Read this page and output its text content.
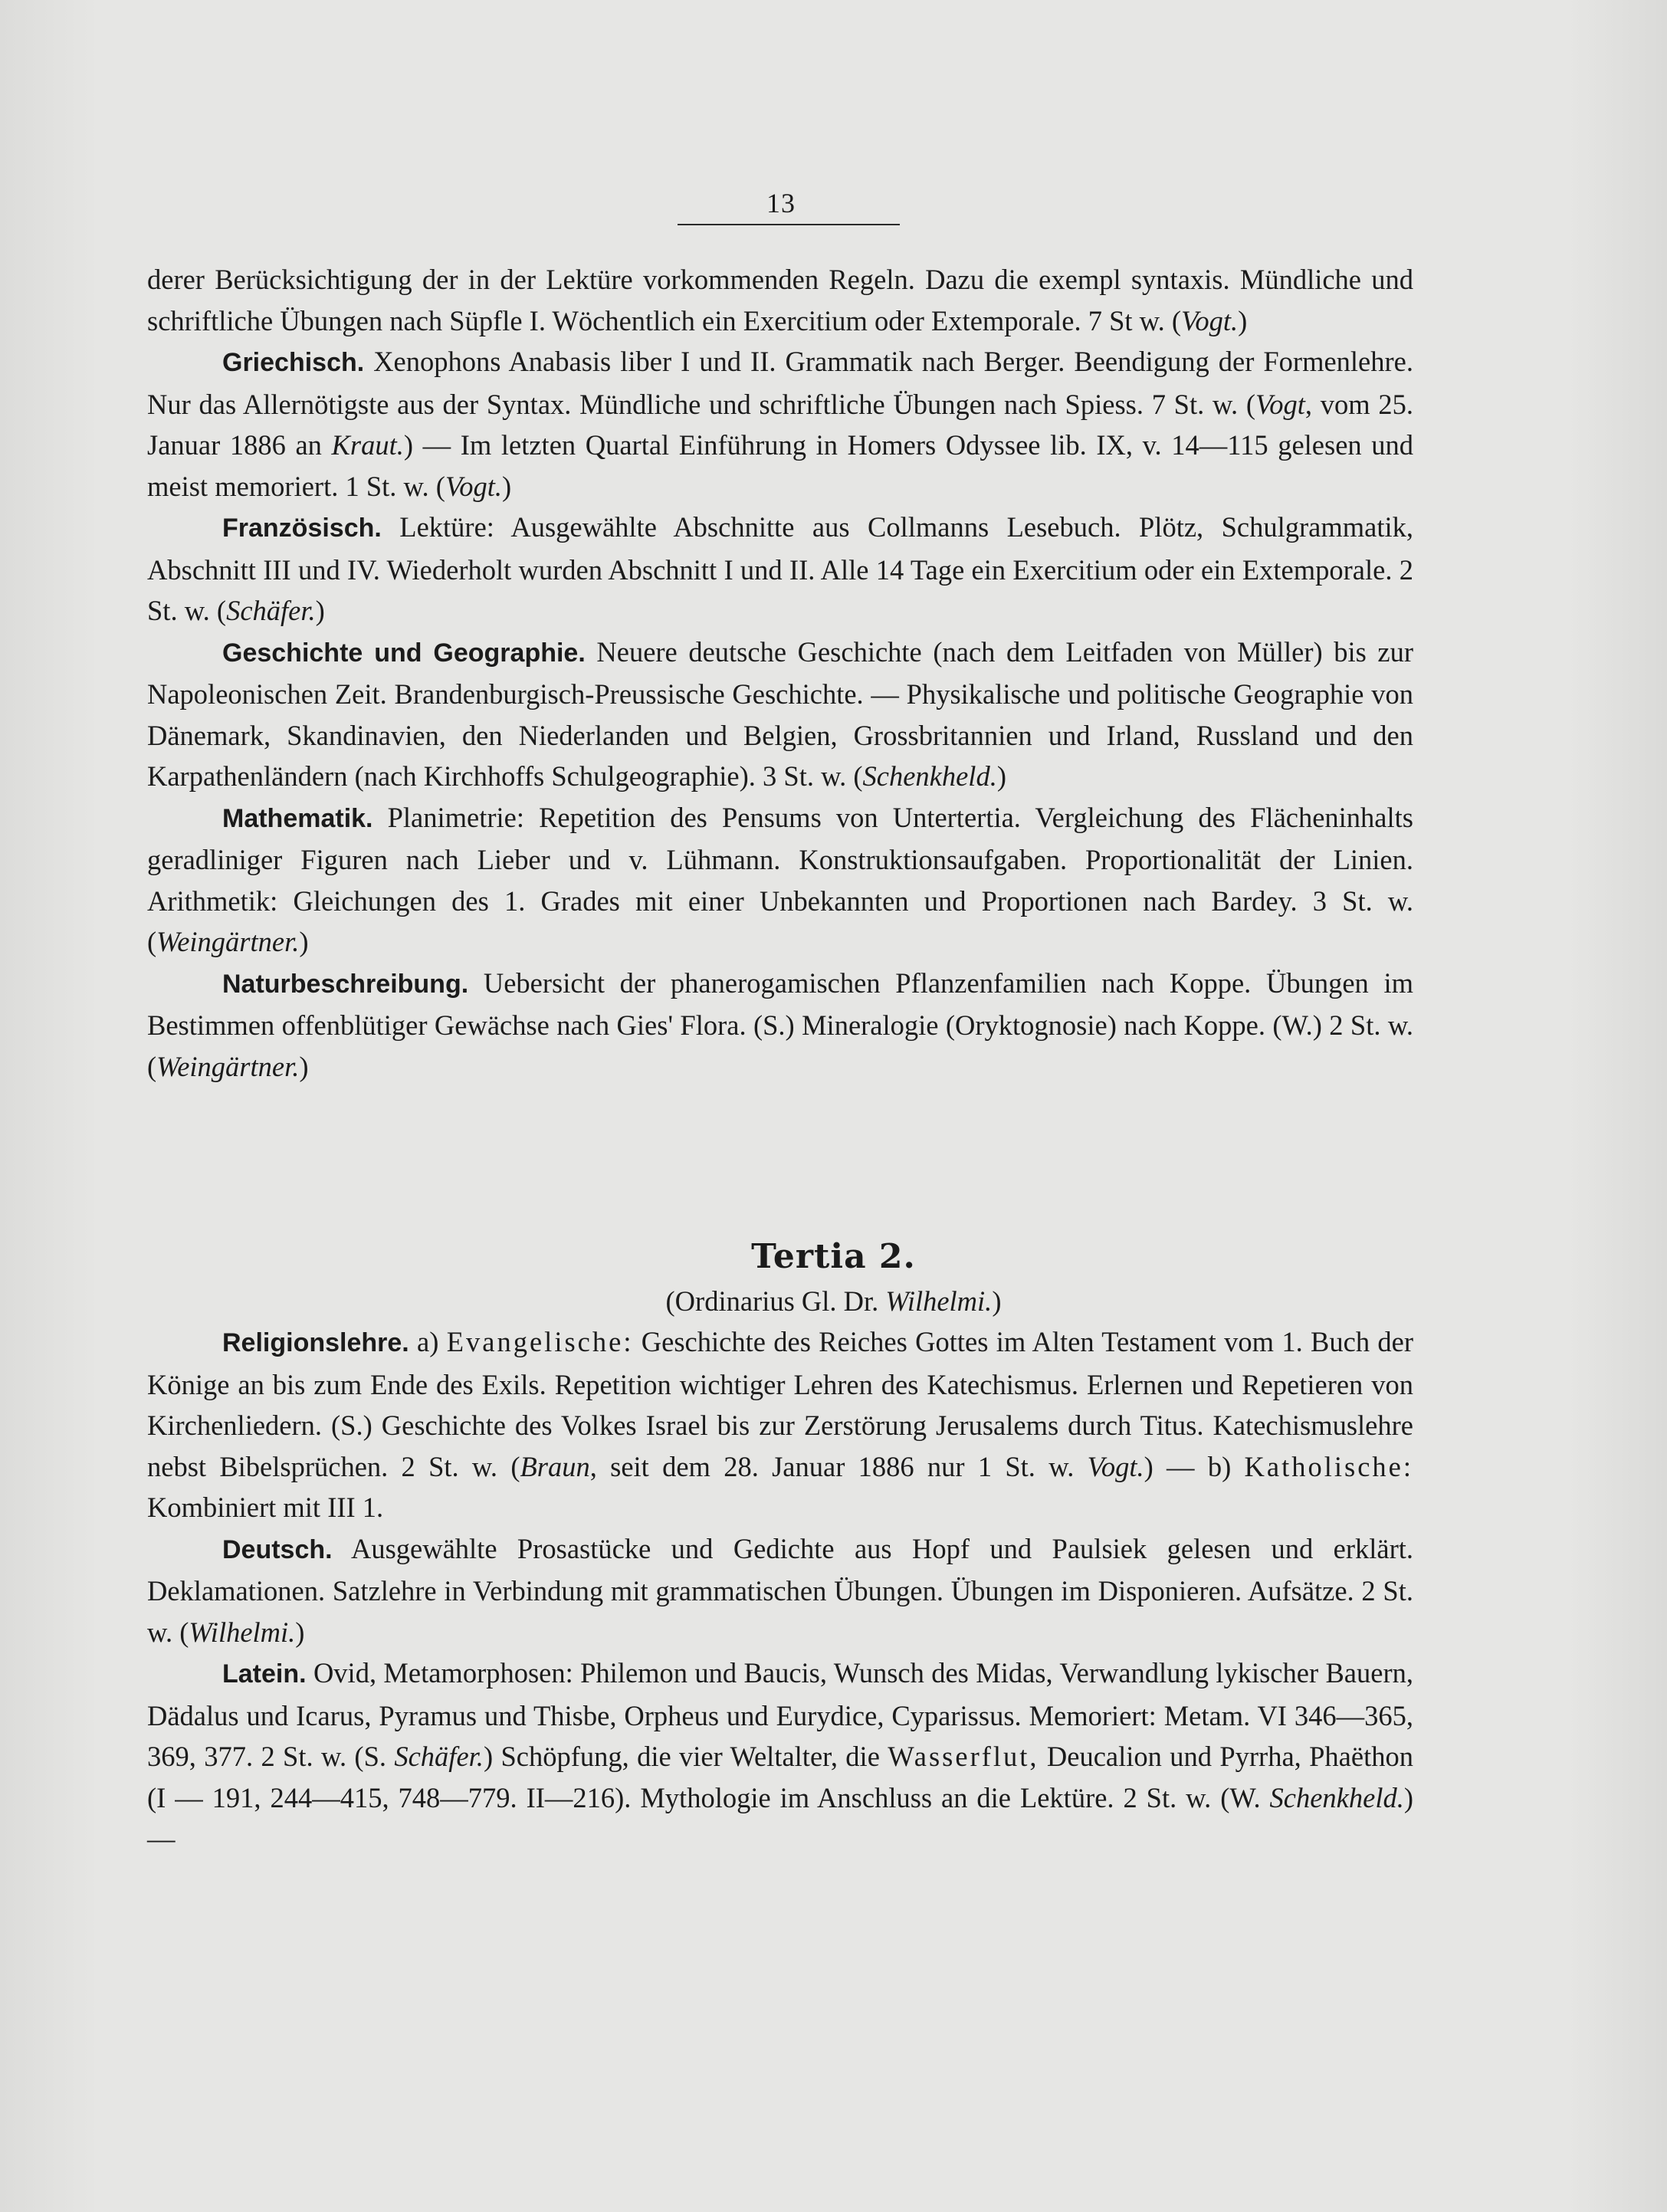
13

derer Berücksichtigung der in der Lektüre vorkommenden Regeln. Dazu die exempl syntaxis. Mündliche und schriftliche Übungen nach Süpfle I. Wöchentlich ein Exercitium oder Extemporale. 7 St w. (Vogt.)

Griechisch. Xenophons Anabasis liber I und II. Grammatik nach Berger. Beendigung der Formenlehre. Nur das Allernötigste aus der Syntax. Mündliche und schriftliche Übungen nach Spiess. 7 St. w. (Vogt, vom 25. Januar 1886 an Kraut.) — Im letzten Quartal Einführung in Homers Odyssee lib. IX, v. 14—115 gelesen und meist memoriert. 1 St. w. (Vogt.)

Französisch. Lektüre: Ausgewählte Abschnitte aus Collmanns Lesebuch. Plötz, Schulgrammatik, Abschnitt III und IV. Wiederholt wurden Abschnitt I und II. Alle 14 Tage ein Exercitium oder ein Extemporale. 2 St. w. (Schäfer.)

Geschichte und Geographie. Neuere deutsche Geschichte (nach dem Leitfaden von Müller) bis zur Napoleonischen Zeit. Brandenburgisch-Preussische Geschichte. — Physikalische und politische Geographie von Dänemark, Skandinavien, den Niederlanden und Belgien, Grossbritannien und Irland, Russland und den Karpathenländern (nach Kirchhoffs Schulgeographie). 3 St. w. (Schenkheld.)

Mathematik. Planimetrie: Repetition des Pensums von Untertertia. Vergleichung des Flächeninhalts geradliniger Figuren nach Lieber und v. Lühmann. Konstruktionsaufgaben. Proportionalität der Linien. Arithmetik: Gleichungen des 1. Grades mit einer Unbekannten und Proportionen nach Bardey. 3 St. w. (Weingärtner.)

Naturbeschreibung. Uebersicht der phanerogamischen Pflanzenfamilien nach Koppe. Übungen im Bestimmen offenblütiger Gewächse nach Gies' Flora. (S.) Mineralogie (Oryktognosie) nach Koppe. (W.) 2 St. w. (Weingärtner.)

Tertia 2.
(Ordinarius Gl. Dr. Wilhelmi.)

Religionslehre. a) Evangelische: Geschichte des Reiches Gottes im Alten Testament vom 1. Buch der Könige an bis zum Ende des Exils. Repetition wichtiger Lehren des Katechismus. Erlernen und Repetieren von Kirchenliedern. (S.) Geschichte des Volkes Israel bis zur Zerstörung Jerusalems durch Titus. Katechismuslehre nebst Bibelsprüchen. 2 St. w. (Braun, seit dem 28. Januar 1886 nur 1 St. w. Vogt.) — b) Katholische: Kombiniert mit III 1.

Deutsch. Ausgewählte Prosastücke und Gedichte aus Hopf und Paulsiek gelesen und erklärt. Deklamationen. Satzlehre in Verbindung mit grammatischen Übungen. Übungen im Disponieren. Aufsätze. 2 St. w. (Wilhelmi.)

Latein. Ovid, Metamorphosen: Philemon und Baucis, Wunsch des Midas, Verwandlung lykischer Bauern, Dädalus und Icarus, Pyramus und Thisbe, Orpheus und Eurydice, Cyparissus. Memoriert: Metam. VI 346—365, 369, 377. 2 St. w. (S. Schäfer.) Schöpfung, die vier Weltalter, die Wasserflut, Deucalion und Pyrrha, Phaëthon (I — 191, 244—415, 748—779. II—216). Mythologie im Anschluss an die Lektüre. 2 St. w. (W. Schenkheld.) —
